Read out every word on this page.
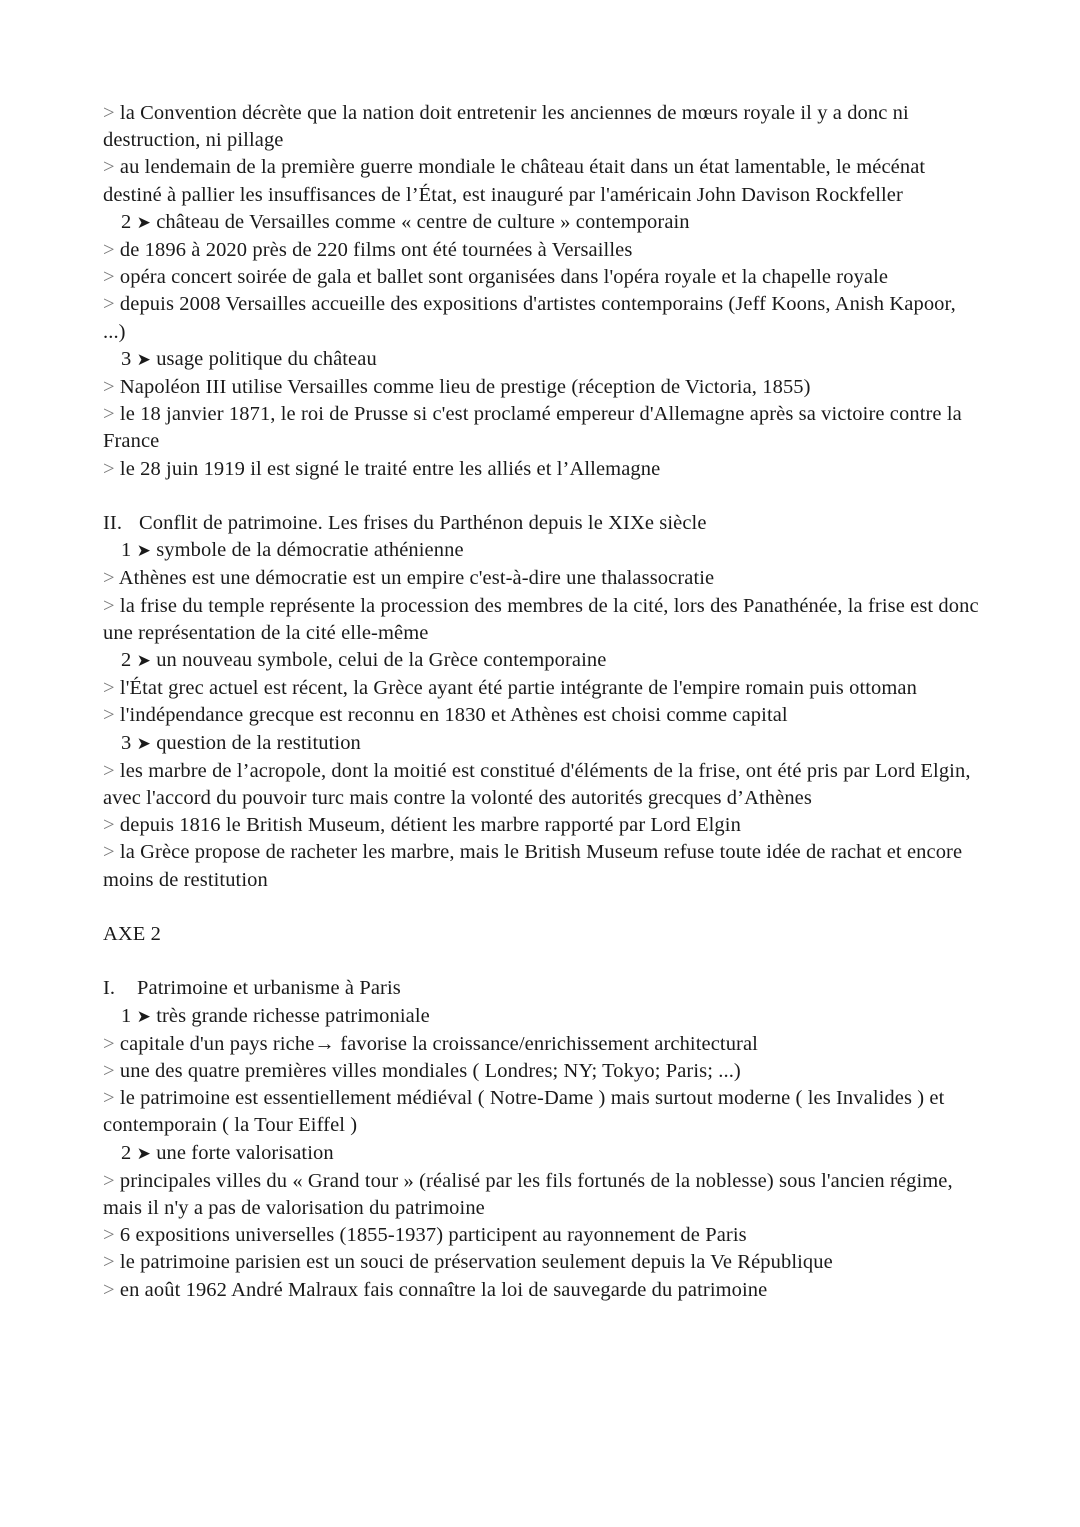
> la Convention décrète que la nation doit entretenir les anciennes de mœurs royale il y a donc ni destruction, ni pillage
> au lendemain de la première guerre mondiale le château était dans un état lamentable, le mécénat destiné à pallier les insuffisances de l’État, est inauguré par l'américain John Davison Rockfeller
2 ➤ château de Versailles comme « centre de culture » contemporain
> de 1896 à 2020 près de 220 films ont été tournées à Versailles
> opéra concert soirée de gala et ballet sont organisées dans l'opéra royale et la chapelle royale
> depuis 2008 Versailles accueille des expositions d'artistes contemporains (Jeff Koons, Anish Kapoor, ...)
3 ➤ usage politique du château
> Napoléon III utilise Versailles comme lieu de prestige (réception de Victoria, 1855)
> le 18 janvier 1871, le roi de Prusse si c'est proclamé empereur d'Allemagne après sa victoire contre la France
> le 28 juin 1919 il est signé le traité entre les alliés et l’Allemagne
II. Conflit de patrimoine. Les frises du Parthénon depuis le XIXe siècle
1 ➤ symbole de la démocratie athénienne
> Athènes est une démocratie est un empire c'est-à-dire une thalassocratie
> la frise du temple représente la procession des membres de la cité, lors des Panathénée, la frise est donc une représentation de la cité elle-même
2 ➤ un nouveau symbole, celui de la Grèce contemporaine
> l'État grec actuel est récent, la Grèce ayant été partie intégrante de l'empire romain puis ottoman
> l'indépendance grecque est reconnu en 1830 et Athènes est choisi comme capital
3 ➤ question de la restitution
> les marbre de l’acropole, dont la moitié est constitué d'éléments de la frise, ont été pris par Lord Elgin, avec l'accord du pouvoir turc mais contre la volonté des autorités grecques d’Athènes
> depuis 1816 le British Museum, détient les marbre rapporté par Lord Elgin
> la Grèce propose de racheter les marbre, mais le British Museum refuse toute idée de rachat et encore moins de restitution
AXE 2
I. Patrimoine et urbanisme à Paris
1 ➤ très grande richesse patrimoniale
> capitale d'un pays riche→ favorise la croissance/enrichissement architectural
> une des quatre premières villes mondiales ( Londres; NY; Tokyo; Paris; ...)
> le patrimoine est essentiellement médiéval ( Notre-Dame ) mais surtout moderne ( les Invalides ) et contemporain ( la Tour Eiffel )
2 ➤ une forte valorisation
> principales villes du « Grand tour » (réalisé par les fils fortunés de la noblesse) sous l'ancien régime, mais il n'y a pas de valorisation du patrimoine
> 6 expositions universelles (1855-1937) participent au rayonnement de Paris
> le patrimoine parisien est un souci de préservation seulement depuis la Ve République
> en août 1962 André Malraux fais connaître la loi de sauvegarde du patrimoine
